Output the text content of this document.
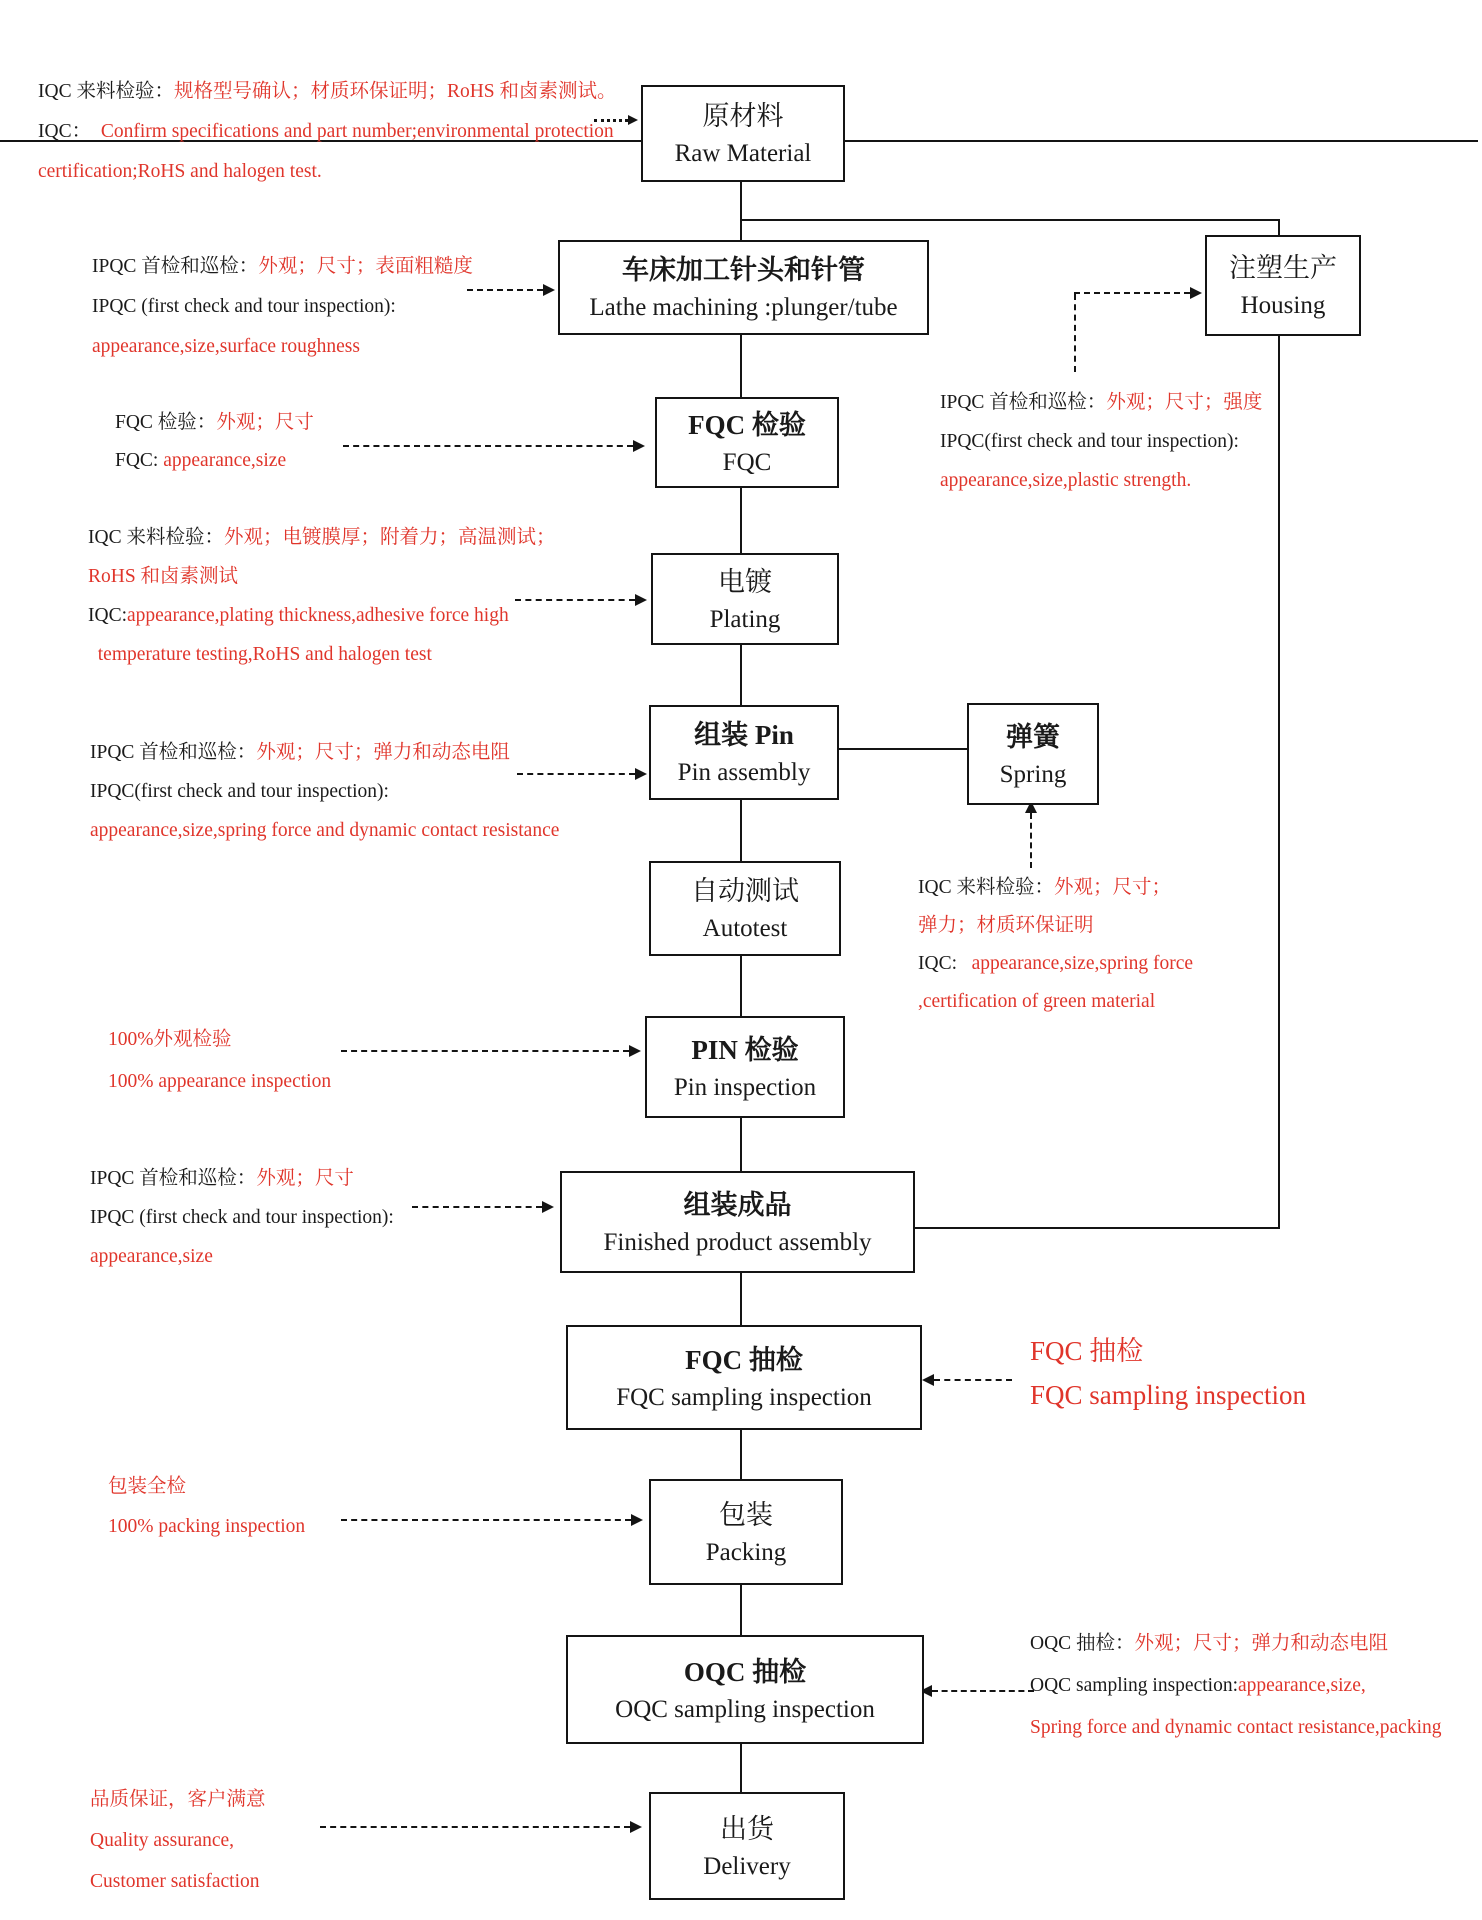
原材料
Raw Material
车床加工针头和针管
Lathe machining :plunger/tube
注塑生产
Housing
FQC 检验
FQC
电镀
Plating
组装 Pin
Pin assembly
弹簧
Spring
自动测试
Autotest
PIN 检验
Pin inspection
组装成品
Finished product assembly
FQC 抽检
FQC sampling inspection
包装
Packing
OQC 抽检
OQC sampling inspection
出货
Delivery
IQC 来料检验：规格型号确认；材质环保证明；RoHS 和卤素测试。
IQC：  Confirm specifications and part number;environmental protection
certification;RoHS and halogen test.
IPQC 首检和巡检：外观；尺寸；表面粗糙度
IPQC (first check and tour inspection):
appearance,size,surface roughness
FQC 检验：外观；尺寸
FQC: appearance,size
IQC 来料检验：外观；电镀膜厚；附着力；高温测试；
RoHS 和卤素测试
IQC:appearance,plating thickness,adhesive force high
temperature testing,RoHS and halogen test
IPQC 首检和巡检：外观；尺寸；强度
IPQC(first check and tour inspection):
appearance,size,plastic strength.
IPQC 首检和巡检：外观；尺寸；弹力和动态电阻
IPQC(first check and tour inspection):
appearance,size,spring force and dynamic contact resistance
IQC 来料检验：外观；尺寸；
弹力；材质环保证明
IQC:   appearance,size,spring force
,certification of green material
100%外观检验
100% appearance inspection
IPQC 首检和巡检：外观；尺寸
IPQC (first check and tour inspection):
appearance,size
FQC 抽检
FQC sampling inspection
包装全检
100% packing inspection
OQC 抽检：外观；尺寸；弹力和动态电阻
OQC sampling inspection:appearance,size,
Spring force and dynamic contact resistance,packing
品质保证，客户满意
Quality assurance,
Customer satisfaction
